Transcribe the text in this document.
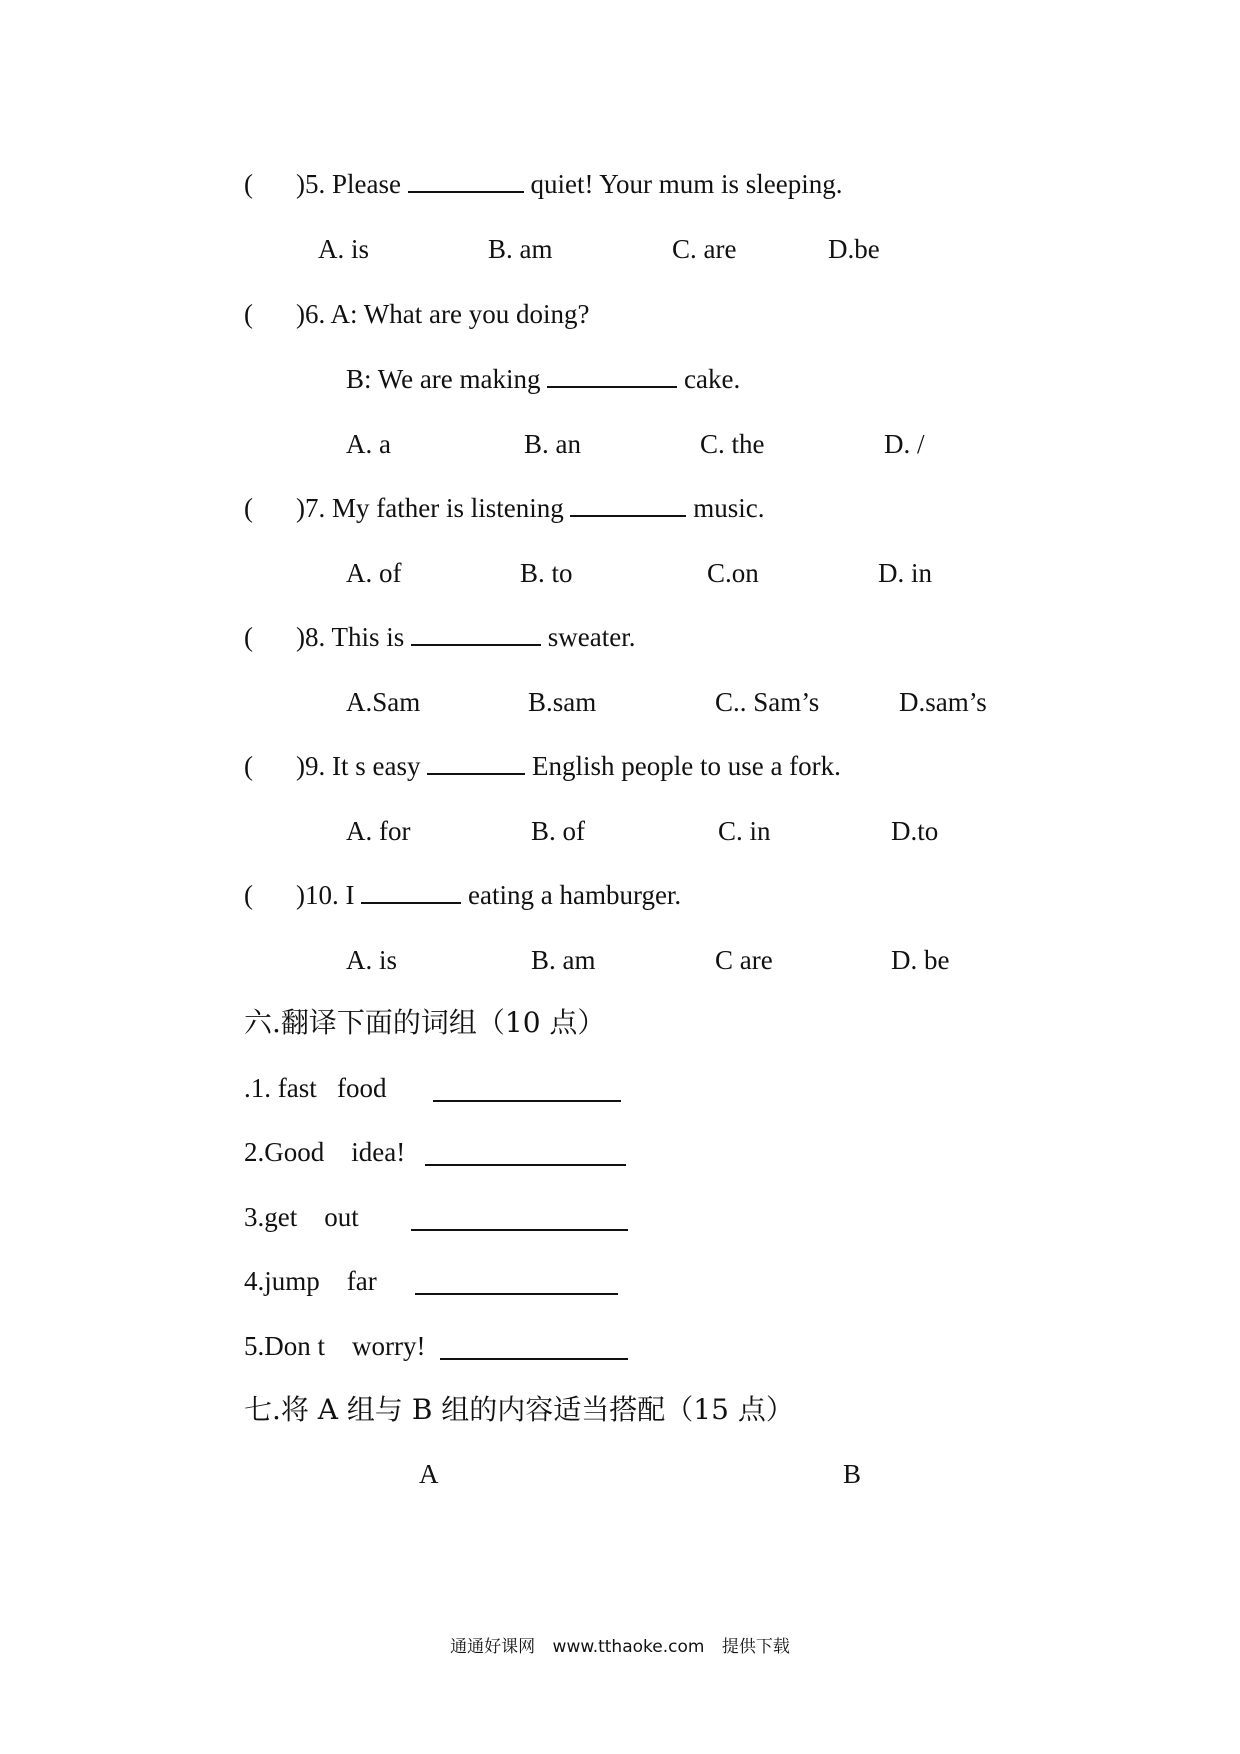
( )5. Please	quiet! Your mum is sleeping.
A. is	B. am	C. are	D.be
( )6. A: What are you doing?
B: We are making	cake.
A. a	B. an	C. the	D. /
( )7. My father is listening	music.
A. of	B. to	C.on	D. in
( )8. This is	sweater.
A.Sam	B.sam	C.. Sam’s	D.sam’s
( )9. It s easy	English people to use a fork.
A. for	B. of	C. in	D.to
( )10. I	eating a hamburger.
A. is	B. am	C are	D. be
六.翻译下面的词组（10 点）
.1. fast food
2.Good idea!
3.get out
4.jump far
5.Don t worry!
七.将 A 组与 B 组的内容适当搭配（15 点）
A	B
通通好课网 www.tthaoke.com 提供下载
